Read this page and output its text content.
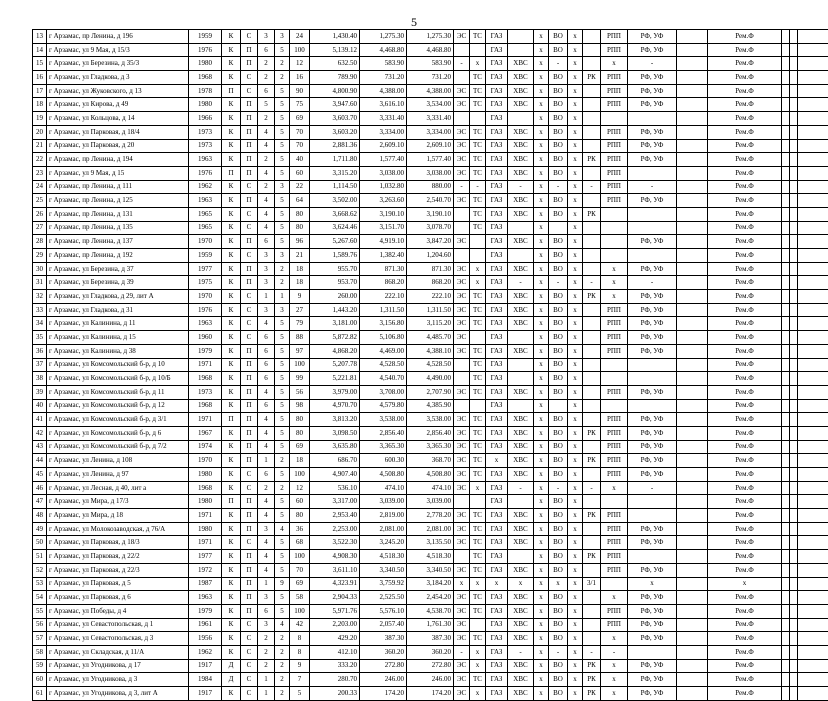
5
13	г Арзамас, пр Ленина, д 196	1959	К	С	3	3	24	1,430.40	1,275.30	1,275.30	ЭС	ТС	ГАЗ		х	ВО	х		РПП	РФ, УФ		Рем.Ф			
14	г Арзамас, ул 9 Мая, д 15/3	1976	К	П	6	5	100	5,139.12	4,468.80	4,468.80			ГАЗ		х	ВО	х		РПП	РФ, УФ		Рем.Ф			
15	г Арзамас, ул Березина, д 35/3	1980	К	П	2	2	12	632.50	583.90	583.90	-	х	ГАЗ	ХВС	х	-	х		х	-		Рем.Ф			
16	г Арзамас, ул Гладкова, д 3	1968	К	С	2	2	16	789.90	731.20	731.20		ТС	ГАЗ	ХВС	х	ВО	х	РК	РПП	РФ, УФ		Рем.Ф			
17	г Арзамас, ул Жуковского, д 13	1978	П	С	6	5	90	4,800.90	4,388.00	4,388.00	ЭС	ТС	ГАЗ	ХВС	х	ВО	х		РПП	РФ, УФ		Рем.Ф			
18	г Арзамас, ул Кирова, д 49	1980	К	П	5	5	75	3,947.60	3,616.10	3,534.00	ЭС	ТС	ГАЗ	ХВС	х	ВО	х		РПП	РФ, УФ		Рем.Ф			
19	г Арзамас, ул Кольцова, д 14	1966	К	П	2	5	69	3,603.70	3,331.40	3,331.40			ГАЗ		х	ВО	х					Рем.Ф			
20	г Арзамас, ул Парковая, д 18/4	1973	К	П	4	5	70	3,603.20	3,334.00	3,334.00	ЭС	ТС	ГАЗ	ХВС	х	ВО	х		РПП	РФ, УФ		Рем.Ф			
21	г Арзамас, ул Парковая, д 20	1973	К	П	4	5	70	2,881.36	2,609.10	2,609.10	ЭС	ТС	ГАЗ	ХВС	х	ВО	х		РПП	РФ, УФ		Рем.Ф			
22	г Арзамас, пр Ленина, д 194	1963	К	П	2	5	40	1,711.80	1,577.40	1,577.40	ЭС	ТС	ГАЗ	ХВС	х	ВО	х	РК	РПП	РФ, УФ		Рем.Ф			
23	г Арзамас, ул 9 Мая, д 15	1976	П	П	4	5	60	3,315.20	3,038.00	3,038.00	ЭС	ТС	ГАЗ	ХВС	х	ВО	х		РПП			Рем.Ф			
24	г Арзамас, пр Ленина, д 111	1962	К	С	2	3	22	1,114.50	1,032.80	880.00	-	-	ГАЗ	-	х	-	х	-	РПП	-		Рем.Ф			
25	г Арзамас, пр Ленина, д 125	1963	К	П	4	5	64	3,502.00	3,263.60	2,540.70	ЭС	ТС	ГАЗ	ХВС	х	ВО	х		РПП	РФ, УФ		Рем.Ф			
26	г Арзамас, пр Ленина, д 131	1965	К	С	4	5	80	3,668.62	3,190.10	3,190.10		ТС	ГАЗ	ХВС	х	ВО	х	РК				Рем.Ф			
27	г Арзамас, пр Ленина, д 135	1965	К	С	4	5	80	3,624.46	3,151.70	3,078.70		ТС	ГАЗ		х		х					Рем.Ф			
28	г Арзамас, пр Ленина, д 137	1970	К	П	6	5	96	5,267.60	4,919.10	3,847.20	ЭС		ГАЗ	ХВС	х	ВО	х			РФ, УФ		Рем.Ф			
29	г Арзамас, пр Ленина, д 192	1959	К	С	3	3	21	1,589.76	1,382.40	1,204.60			ГАЗ		х	ВО	х					Рем.Ф			
30	г Арзамас, ул Березина, д 37	1977	К	П	3	2	18	955.70	871.30	871.30	ЭС	х	ГАЗ	ХВС	х	ВО	х		х	РФ, УФ		Рем.Ф			
31	г Арзамас, ул Березина, д 39	1975	К	П	3	2	18	953.70	868.20	868.20	ЭС	х	ГАЗ	-	х	-	х	-	х	-		Рем.Ф			
32	г Арзамас, ул Гладкова, д 29, лит А	1970	К	С	1	1	9	260.00	222.10	222.10	ЭС	ТС	ГАЗ	ХВС	х	ВО	х	РК	х	РФ, УФ		Рем.Ф			
33	г Арзамас, ул Гладкова, д 31	1976	К	С	3	3	27	1,443.20	1,311.50	1,311.50	ЭС	ТС	ГАЗ	ХВС	х	ВО	х		РПП	РФ, УФ		Рем.Ф			
34	г Арзамас, ул Калинина, д 11	1963	К	С	4	5	79	3,181.00	3,156.80	3,115.20	ЭС	ТС	ГАЗ	ХВС	х	ВО	х		РПП	РФ, УФ		Рем.Ф			
35	г Арзамас, ул Калинина, д 15	1960	К	С	6	5	88	5,872.82	5,106.80	4,485.70	ЭС		ГАЗ		х	ВО	х		РПП	РФ, УФ		Рем.Ф			
36	г Арзамас, ул Калинина, д 38	1979	К	П	6	5	97	4,868.20	4,469.00	4,388.10	ЭС	ТС	ГАЗ	ХВС	х	ВО	х		РПП	РФ, УФ		Рем.Ф			
37	г Арзамас, ул Комсомольский б-р, д 10	1971	К	П	6	5	100	5,207.78	4,528.50	4,528.50		ТС	ГАЗ		х	ВО	х					Рем.Ф			
38	г Арзамас, ул Комсомольский б-р, д 10/Б	1968	К	П	6	5	99	5,221.81	4,540.70	4,490.00		ТС	ГАЗ		х	ВО	х					Рем.Ф			
39	г Арзамас, ул Комсомольский б-р, д 11	1973	К	П	4	5	56	3,979.00	3,708.00	2,707.90	ЭС	ТС	ГАЗ	ХВС	х	ВО	х		РПП	РФ, УФ		Рем.Ф			
40	г Арзамас, ул Комсомольский б-р, д 12	1968	К	П	6	5	98	4,970.70	4,579.80	4,385.90			ГАЗ		х		х					Рем.Ф			
41	г Арзамас, ул Комсомольский б-р, д 3/1	1971	П	П	4	5	80	3,813.20	3,538.00	3,538.00	ЭС	ТС	ГАЗ	ХВС	х	ВО	х		РПП	РФ, УФ		Рем.Ф			
42	г Арзамас, ул Комсомольский б-р, д 6	1967	К	П	4	5	80	3,098.50	2,856.40	2,856.40	ЭС	ТС	ГАЗ	ХВС	х	ВО	х	РК	РПП	РФ, УФ		Рем.Ф			
43	г Арзамас, ул Комсомольский б-р, д 7/2	1974	К	П	4	5	69	3,635.80	3,365.30	3,365.30	ЭС	ТС	ГАЗ	ХВС	х	ВО	х		РПП	РФ, УФ		Рем.Ф			
44	г Арзамас, ул Ленина, д 108	1970	К	П	1	2	18	686.70	600.30	368.70	ЭС	ТС	х	ХВС	х	ВО	х	РК	РПП	РФ, УФ		Рем.Ф			
45	г Арзамас, ул Ленина, д 97	1980	К	С	6	5	100	4,907.40	4,508.80	4,508.80	ЭС	ТС	ГАЗ	ХВС	х	ВО	х		РПП	РФ, УФ		Рем.Ф			
46	г Арзамас, ул Лесная, д 40, лит а	1968	К	С	2	2	12	536.10	474.10	474.10	ЭС	х	ГАЗ	-	х	-	х	-	х	-		Рем.Ф			
47	г Арзамас, ул Мира, д 17/3	1980	П	П	4	5	60	3,317.00	3,039.00	3,039.00			ГАЗ		х	ВО	х					Рем.Ф			
48	г Арзамас, ул Мира, д 18	1971	К	П	4	5	80	2,953.40	2,819.00	2,778.20	ЭС	ТС	ГАЗ	ХВС	х	ВО	х	РК	РПП			Рем.Ф			
49	г Арзамас, ул Молокозаводская, д 76/А	1980	К	П	3	4	36	2,253.00	2,081.00	2,081.00	ЭС	ТС	ГАЗ	ХВС	х	ВО	х		РПП	РФ, УФ		Рем.Ф			
50	г Арзамас, ул Парковая, д 18/3	1971	К	С	4	5	68	3,522.30	3,245.20	3,135.50	ЭС	ТС	ГАЗ	ХВС	х	ВО	х		РПП	РФ, УФ		Рем.Ф			
51	г Арзамас, ул Парковая, д 22/2	1977	К	П	4	5	100	4,908.30	4,518.30	4,518.30		ТС	ГАЗ		х	ВО	х	РК	РПП			Рем.Ф			
52	г Арзамас, ул Парковая, д 22/3	1972	К	П	4	5	70	3,611.10	3,340.50	3,340.50	ЭС	ТС	ГАЗ	ХВС	х	ВО	х		РПП	РФ, УФ		Рем.Ф			
53	г Арзамас, ул Парковая, д 5	1987	К	П	1	9	69	4,323.91	3,759.92	3,184.20	х	х	х	х	х	х	х	3/1		х		х			
54	г Арзамас, ул Парковая, д 6	1963	К	П	3	5	58	2,904.33	2,525.50	2,454.20	ЭС	ТС	ГАЗ	ХВС	х	ВО	х		х	РФ, УФ		Рем.Ф			
55	г Арзамас, ул Победы, д 4	1979	К	П	6	5	100	5,971.76	5,576.10	4,538.70	ЭС	ТС	ГАЗ	ХВС	х	ВО	х		РПП	РФ, УФ		Рем.Ф			
56	г Арзамас, ул Севастопольская, д 1	1961	К	С	3	4	42	2,203.00	2,057.40	1,761.30	ЭС		ГАЗ	ХВС	х	ВО	х		РПП	РФ, УФ		Рем.Ф			
57	г Арзамас, ул Севастопольская, д 3	1956	К	С	2	2	8	429.20	387.30	387.30	ЭС	ТС	ГАЗ	ХВС	х	ВО	х		х	РФ, УФ		Рем.Ф			
58	г Арзамас, ул Складская, д 11/А	1962	К	С	2	2	8	412.10	360.20	360.20	-	х	ГАЗ	-	х	-	х	-	-			Рем.Ф			
59	г Арзамас, ул Угодникова, д 17	1917	Д	С	2	2	9	333.20	272.80	272.80	ЭС	х	ГАЗ	ХВС	х	ВО	х	РК	х	РФ, УФ		Рем.Ф			
60	г Арзамас, ул Угодникова, д 3	1984	Д	С	1	2	7	280.70	246.00	246.00	ЭС	ТС	ГАЗ	ХВС	х	ВО	х	РК	х	РФ, УФ		Рем.Ф			
61	г Арзамас, ул Угодникова, д 3, лит А	1917	К	С	1	2	5	200.33	174.20	174.20	ЭС	х	ГАЗ	ХВС	х	ВО	х	РК	х	РФ, УФ		Рем.Ф			
